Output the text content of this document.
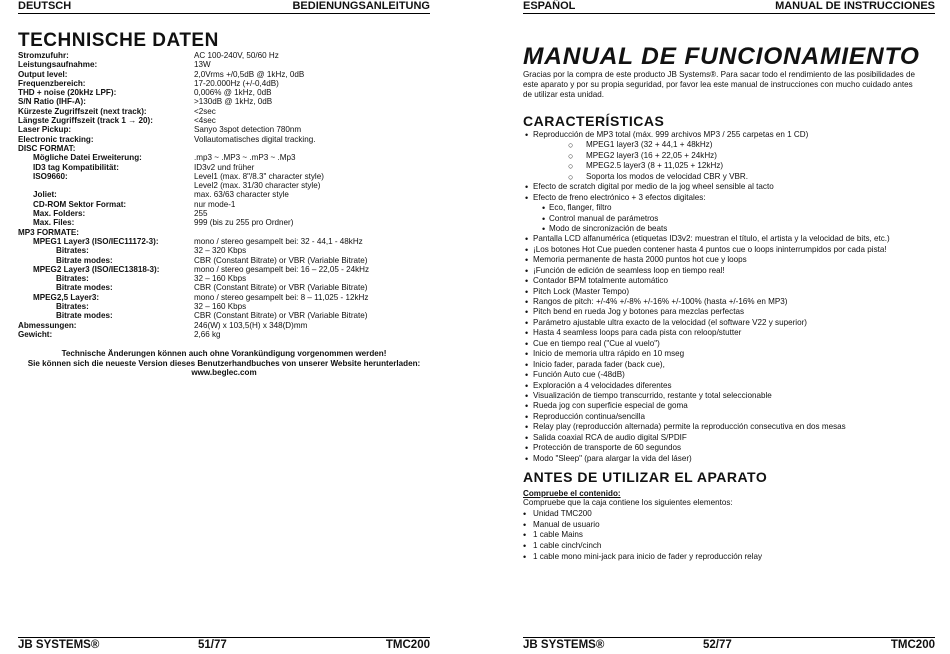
DEUTSCH	BEDIENUNGSANLEITUNG
TECHNISCHE DATEN
Stromzufuhr:	AC 100-240V, 50/60 Hz
Leistungsaufnahme:	13W
Output level:	2,0Vrms +/0,5dB @ 1kHz, 0dB
Frequenzbereich:	17-20.000Hz (+/-0,4dB)
THD + noise (20kHz LPF):	0,006% @ 1kHz, 0dB
S/N Ratio (IHF-A):	>130dB @ 1kHz, 0dB
Kürzeste Zugriffszeit (next track):	<2sec
Längste Zugriffszeit (track 1 → 20):	<4sec
Laser Pickup:	Sanyo 3spot detection 780nm
Electronic tracking:	Vollautomatisches digital tracking.
DISC FORMAT:
Mögliche Datei Erweiterung:	.mp3 ~ .MP3 ~ .mP3 ~ .Mp3
ID3 tag Kompatibilität:	ID3v2 und früher
ISO9660:	Level1 (max. 8"/8.3" character style)
Level2 (max. 31/30 character style)
Joliet:	max. 63/63 character style
CD-ROM Sektor Format:	nur mode-1
Max. Folders:	255
Max. Files:	999 (bis zu 255 pro Ordner)
MP3 FORMATE:
MPEG1 Layer3 (ISO/IEC11172-3):	mono / stereo gesampelt bei: 32 - 44,1 - 48kHz
Bitrates:	32 – 320 Kbps
Bitrate modes:	CBR (Constant Bitrate) or VBR (Variable Bitrate)
MPEG2 Layer3 (ISO/IEC13818-3):	mono / stereo gesampelt bei: 16 – 22,05 - 24kHz
Bitrates:	32 – 160 Kbps
Bitrate modes:	CBR (Constant Bitrate) or VBR (Variable Bitrate)
MPEG2,5 Layer3:	mono / stereo gesampelt bei: 8 – 11,025 - 12kHz
Bitrates:	32 – 160 Kbps
Bitrate modes:	CBR (Constant Bitrate) or VBR (Variable Bitrate)
Abmessungen:	246(W) x 103,5(H) x 348(D)mm
Gewicht:	2,66 kg
Technische Änderungen können auch ohne Vorankündigung vorgenommen werden!
Sie können sich die neueste Version dieses Benutzerhandbuches von unserer Website herunterladen:
www.beglec.com
JB SYSTEMS®	51/77	TMC200
ESPAÑOL	MANUAL DE INSTRUCCIONES
MANUAL DE FUNCIONAMIENTO
Gracias por la compra de este producto JB Systems®. Para sacar todo el rendimiento de las posibilidades de
este aparato y por su propia seguridad, por favor lea este manual de instrucciones con mucho cuidado antes
de utilizar esta unidad.
CARACTERÍSTICAS
• Reproducción de MP3 total (máx. 999 archivos MP3 / 255 carpetas en 1 CD)
○ MPEG1 layer3 (32 + 44,1 + 48kHz)
○ MPEG2 layer3 (16 + 22,05 + 24kHz)
○ MPEG2.5 layer3 (8 + 11,025 + 12kHz)
○ Soporta los modos de velocidad CBR y VBR.
• Efecto de scratch digital por medio de la jog wheel sensible al tacto
• Efecto de freno electrónico + 3 efectos digitales:
• Eco, flanger, filtro
• Control manual de parámetros
• Modo de sincronización de beats
• Pantalla LCD alfanumérica (etiquetas ID3v2: muestran el título, el artista y la velocidad de bits, etc.)
• ¡Los botones Hot Cue pueden contener hasta 4 puntos cue o loops ininterrumpidos por cada pista!
• Memoria permanente de hasta 2000 puntos hot cue y loops
• ¡Función de edición de seamless loop en tiempo real!
• Contador BPM totalmente automático
• Pitch Lock (Master Tempo)
• Rangos de pitch: +/-4% +/-8% +/-16% +/-100% (hasta +/-16% en MP3)
• Pitch bend en rueda Jog y botones para mezclas perfectas
• Parámetro ajustable ultra exacto de la velocidad (el software V22 y superior)
• Hasta 4 seamless loops para cada pista con reloop/stutter
• Cue en tiempo real ("Cue al vuelo")
• Inicio de memoria ultra rápido en 10 mseg
• Inicio fader, parada fader (back cue),
• Función Auto cue (-48dB)
• Exploración a 4 velocidades diferentes
• Visualización de tiempo transcurrido, restante y total seleccionable
• Rueda jog con superficie especial de goma
• Reproducción continua/sencilla
• Relay play (reproducción alternada) permite la reproducción consecutiva en dos mesas
• Salida coaxial RCA de audio digital S/PDIF
• Protección de transporte de 60 segundos
• Modo "Sleep" (para alargar la vida del láser)
ANTES DE UTILIZAR EL APARATO
Compruebe el contenido:
Compruebe que la caja contiene los siguientes elementos:
• Unidad TMC200
• Manual de usuario
• 1 cable Mains
• 1 cable cinch/cinch
• 1 cable mono mini-jack para inicio de fader y reproducción relay
JB SYSTEMS®	52/77	TMC200
